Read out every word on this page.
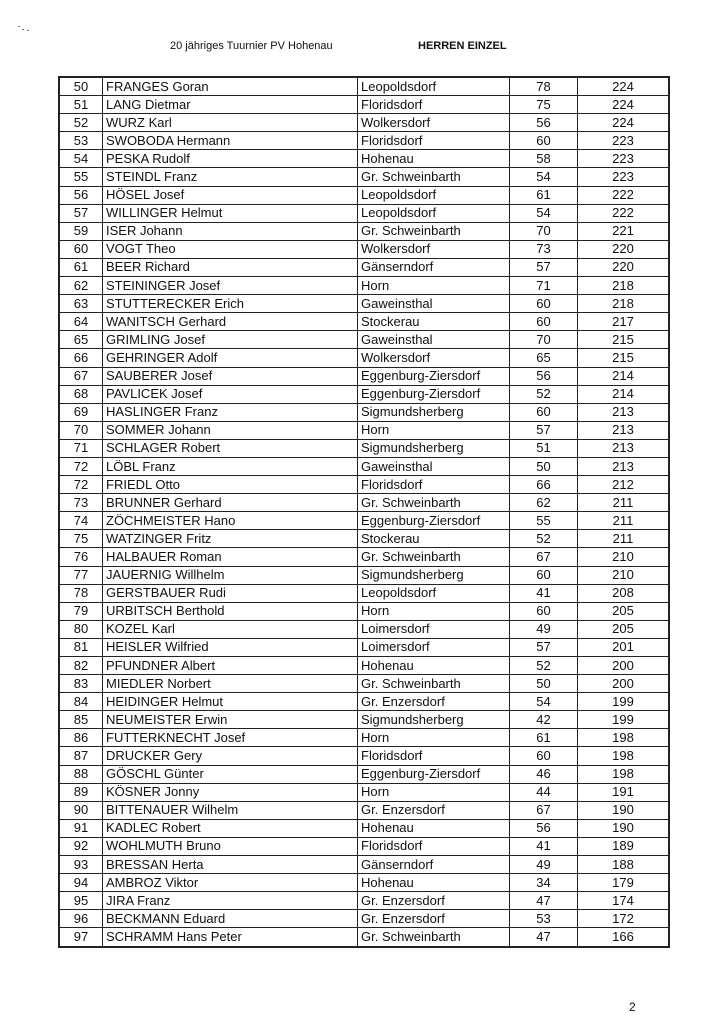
20 jähriges Tuurnier PV Hohenau	HERREN EINZEL
50	FRANGES Goran	Leopoldsdorf	78	224
51	LANG Dietmar	Floridsdorf	75	224
52	WURZ Karl	Wolkersdorf	56	224
53	SWOBODA Hermann	Floridsdorf	60	223
54	PESKA Rudolf	Hohenau	58	223
55	STEINDL Franz	Gr. Schweinbarth	54	223
56	HÖSEL Josef	Leopoldsdorf	61	222
57	WILLINGER Helmut	Leopoldsdorf	54	222
59	ISER Johann	Gr. Schweinbarth	70	221
60	VOGT Theo	Wolkersdorf	73	220
61	BEER Richard	Gänserndorf	57	220
62	STEININGER Josef	Horn	71	218
63	STUTTERECKER Erich	Gaweinsthal	60	218
64	WANITSCH Gerhard	Stockerau	60	217
65	GRIMLING Josef	Gaweinsthal	70	215
66	GEHRINGER Adolf	Wolkersdorf	65	215
67	SAUBERER Josef	Eggenburg-Ziersdorf	56	214
68	PAVLICEK Josef	Eggenburg-Ziersdorf	52	214
69	HASLINGER Franz	Sigmundsherberg	60	213
70	SOMMER Johann	Horn	57	213
71	SCHLAGER Robert	Sigmundsherberg	51	213
72	LÖBL Franz	Gaweinsthal	50	213
72	FRIEDL Otto	Floridsdorf	66	212
73	BRUNNER Gerhard	Gr. Schweinbarth	62	211
74	ZÖCHMEISTER Hano	Eggenburg-Ziersdorf	55	211
75	WATZINGER Fritz	Stockerau	52	211
76	HALBAUER Roman	Gr. Schweinbarth	67	210
77	JAUERNIG Willhelm	Sigmundsherberg	60	210
78	GERSTBAUER Rudi	Leopoldsdorf	41	208
79	URBITSCH Berthold	Horn	60	205
80	KOZEL Karl	Loimersdorf	49	205
81	HEISLER Wilfried	Loimersdorf	57	201
82	PFUNDNER Albert	Hohenau	52	200
83	MIEDLER Norbert	Gr. Schweinbarth	50	200
84	HEIDINGER Helmut	Gr. Enzersdorf	54	199
85	NEUMEISTER Erwin	Sigmundsherberg	42	199
86	FUTTERKNECHT Josef	Horn	61	198
87	DRUCKER Gery	Floridsdorf	60	198
88	GÖSCHL Günter	Eggenburg-Ziersdorf	46	198
89	KÖSNER Jonny	Horn	44	191
90	BITTENAUER Wilhelm	Gr. Enzersdorf	67	190
91	KADLEC Robert	Hohenau	56	190
92	WOHLMUTH Bruno	Floridsdorf	41	189
93	BRESSAN Herta	Gänserndorf	49	188
94	AMBROZ Viktor	Hohenau	34	179
95	JIRA Franz	Gr. Enzersdorf	47	174
96	BECKMANN Eduard	Gr. Enzersdorf	53	172
97	SCHRAMM Hans Peter	Gr. Schweinbarth	47	166
2
